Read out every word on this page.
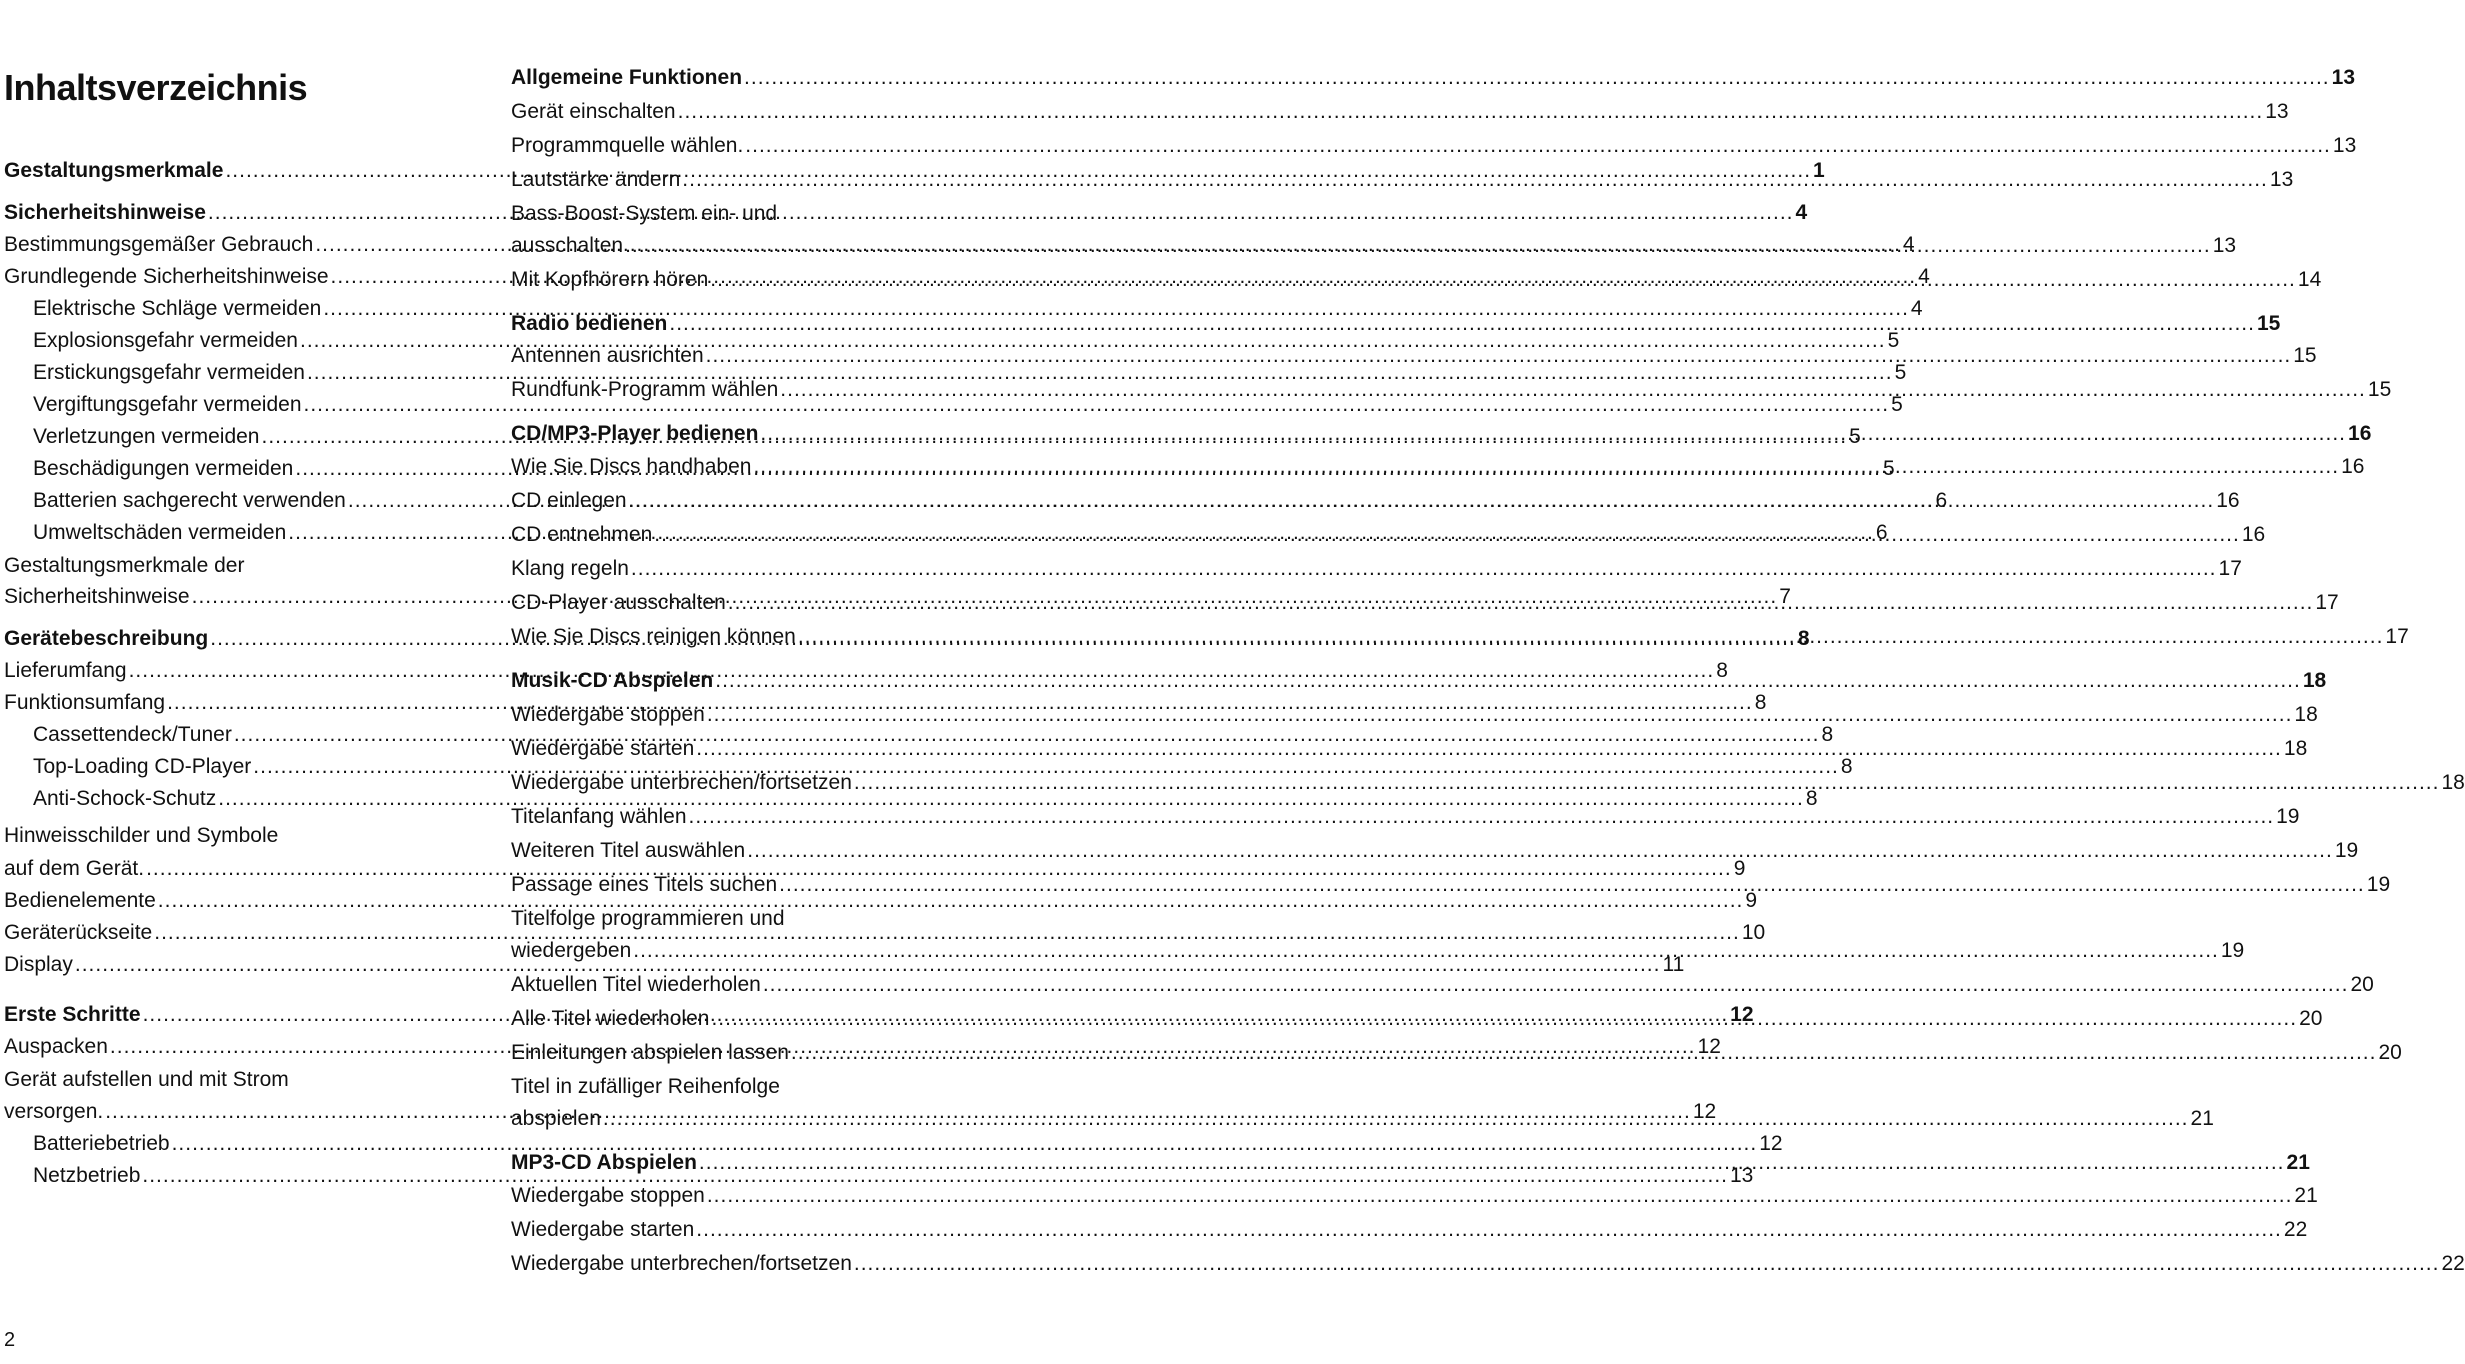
Inhaltsverzeichnis
Gestaltungsmerkmale .....	1
Sicherheitshinweise .....	4
Bestimmungsgemäßer Gebrauch .....	4
Grundlegende Sicherheitshinweise .....	4
Elektrische Schläge vermeiden .....	4
Explosionsgefahr vermeiden .....	5
Erstickungsgefahr vermeiden .....	5
Vergiftungsgefahr vermeiden .....	5
Verletzungen vermeiden .....	5
Beschädigungen vermeiden .....	5
Batterien sachgerecht verwenden .....	6
Umweltschäden vermeiden .....	6
Gestaltungsmerkmale der
Sicherheitshinweise .....	7
Gerätebeschreibung .....	8
Lieferumfang .....	8
Funktionsumfang .....	8
Cassettendeck/Tuner .....	8
Top-Loading CD-Player .....	8
Anti-Schock-Schutz .....	8
Hinweisschilder und Symbole
auf dem Gerät. .....	9
Bedienelemente .....	9
Geräterückseite .....	10
Display .....	11
Erste Schritte .....	12
Auspacken .....	12
Gerät aufstellen und mit Strom
versorgen. .....	12
Batteriebetrieb .....	12
Netzbetrieb .....	13
Allgemeine Funktionen .....	13
Gerät einschalten .....	13
Programmquelle wählen. .....	13
Lautstärke ändern .....	13
Bass-Boost-System ein- und
ausschalten .....	13
Mit Kopfhörern hören .....	14
Radio bedienen .....	15
Antennen ausrichten .....	15
Rundfunk-Programm wählen .....	15
CD/MP3-Player bedienen .....	16
Wie Sie Discs handhaben .....	16
CD einlegen .....	16
CD entnehmen .....	16
Klang regeln .....	17
CD-Player ausschalten .....	17
Wie Sie Discs reinigen können .....	17
Musik-CD Abspielen .....	18
Wiedergabe stoppen .....	18
Wiedergabe starten .....	18
Wiedergabe unterbrechen/fortsetzen .....	18
Titelanfang wählen .....	19
Weiteren Titel auswählen .....	19
Passage eines Titels suchen .....	19
Titelfolge programmieren und
wiedergeben .....	19
Aktuellen Titel wiederholen .....	20
Alle Titel wiederholen .....	20
Einleitungen abspielen lassen .....	20
Titel in zufälliger Reihenfolge
abspielen .....	21
MP3-CD Abspielen .....	21
Wiedergabe stoppen .....	21
Wiedergabe starten .....	22
Wiedergabe unterbrechen/fortsetzen .....	22
2
